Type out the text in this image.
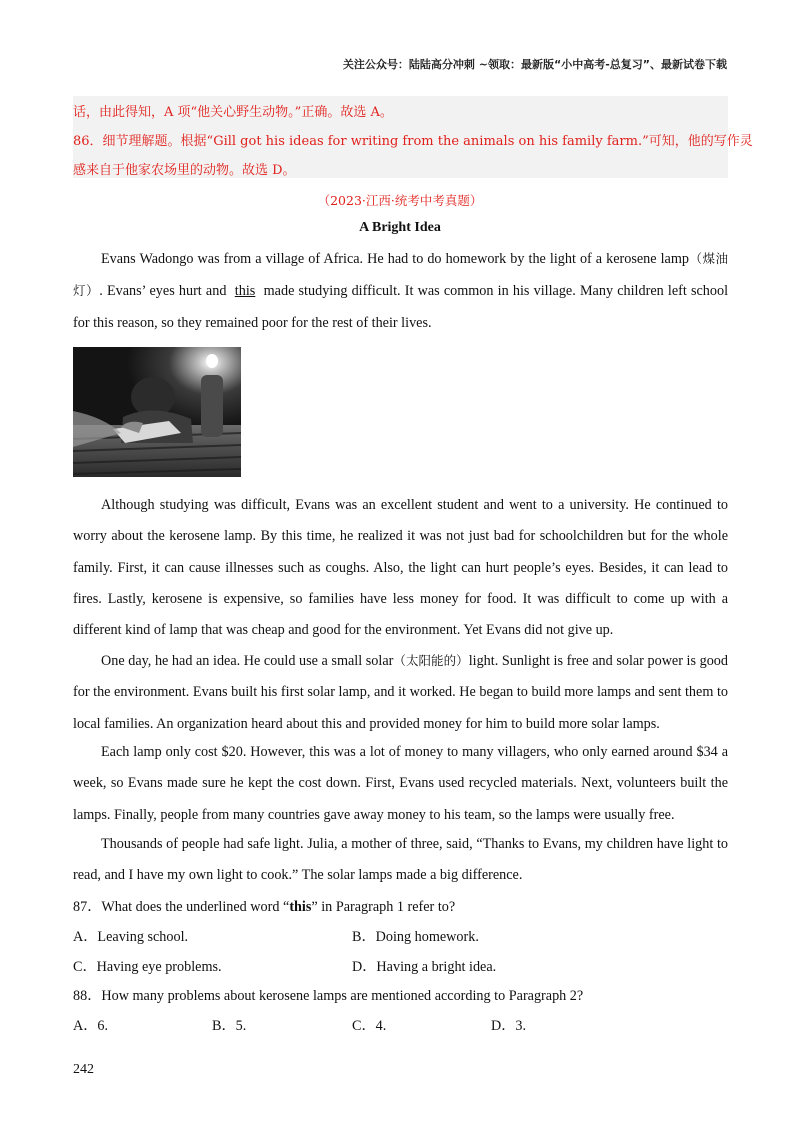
关注公众号：陆陆高分冲刺 ~领取：最新版“小中高考-总复习”、最新试卷下载
话，由此得知，A 项“他关心野生动物。”正确。故选 A。
86．细节理解题。根据“Gill got his ideas for writing from the animals on his family farm.”可知，他的写作灵
感来自于他家农场里的动物。故选 D。
（2023·江西·统考中考真题）
A Bright Idea
Evans Wadongo was from a village of Africa. He had to do homework by the light of a kerosene lamp（煤油灯）. Evans’ eyes hurt and this made studying difficult. It was common in his village. Many children left school for this reason, so they remained poor for the rest of their lives.
Although studying was difficult, Evans was an excellent student and went to a university. He continued to worry about the kerosene lamp. By this time, he realized it was not just bad for schoolchildren but for the whole family. First, it can cause illnesses such as coughs. Also, the light can hurt people’s eyes. Besides, it can lead to fires. Lastly, kerosene is expensive, so families have less money for food. It was difficult to come up with a different kind of lamp that was cheap and good for the environment. Yet Evans did not give up.
One day, he had an idea. He could use a small solar（太阳能的）light. Sunlight is free and solar power is good for the environment. Evans built his first solar lamp, and it worked. He began to build more lamps and sent them to local families. An organization heard about this and provided money for him to build more solar lamps.
Each lamp only cost $20. However, this was a lot of money to many villagers, who only earned around $34 a week, so Evans made sure he kept the cost down. First, Evans used recycled materials. Next, volunteers built the lamps. Finally, people from many countries gave away money to his team, so the lamps were usually free.
Thousands of people had safe light. Julia, a mother of three, said, “Thanks to Evans, my children have light to read, and I have my own light to cook.” The solar lamps made a big difference.
87．What does the underlined word “this” in Paragraph 1 refer to?
A．Leaving school.	B．Doing homework.
C．Having eye problems.	D．Having a bright idea.
88．How many problems about kerosene lamps are mentioned according to Paragraph 2?
A．6.	B．5.	C．4.	D．3.
242
